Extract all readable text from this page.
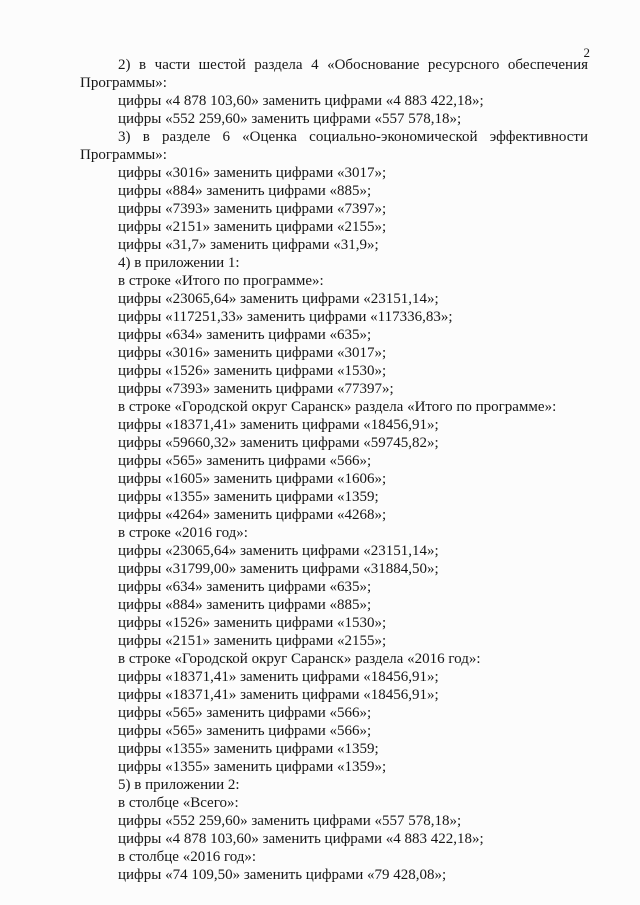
2

2) в части шестой раздела 4 «Обоснование ресурсного обеспечения

Программы»:

цифры «4 878 103,60» заменить цифрами «4 883 422,18»;

цифры «552 259,60» заменить цифрами «557 578,18»;

3) в разделе 6 «Оценка социально-экономической эффективности

Программы»:

цифры «3016» заменить цифрами «3017»;

цифры «884» заменить цифрами «885»;

цифры «7393» заменить цифрами «7397»;

цифры «2151» заменить цифрами «2155»;

цифры «31,7» заменить цифрами «31,9»;

4) в приложении 1:

в строке «Итого по программе»:

цифры «23065,64» заменить цифрами «23151,14»;

цифры «117251,33» заменить цифрами «117336,83»;

цифры «634» заменить цифрами «635»;

цифры «3016» заменить цифрами «3017»;

цифры «1526» заменить цифрами «1530»;

цифры «7393» заменить цифрами «77397»;

в строке «Городской округ Саранск» раздела «Итого по программе»:

цифры «18371,41» заменить цифрами «18456,91»;

цифры «59660,32» заменить цифрами «59745,82»;

цифры «565» заменить цифрами «566»;

цифры «1605» заменить цифрами «1606»;

цифры «1355» заменить цифрами «1359;

цифры «4264» заменить цифрами «4268»;

в строке «2016 год»:

цифры «23065,64» заменить цифрами «23151,14»;

цифры «31799,00» заменить цифрами «31884,50»;

цифры «634» заменить цифрами «635»;

цифры «884» заменить цифрами «885»;

цифры «1526» заменить цифрами «1530»;

цифры «2151» заменить цифрами «2155»;

в строке «Городской округ Саранск» раздела «2016 год»:

цифры «18371,41» заменить цифрами «18456,91»;

цифры «18371,41» заменить цифрами «18456,91»;

цифры «565» заменить цифрами «566»;

цифры «565» заменить цифрами «566»;

цифры «1355» заменить цифрами «1359;

цифры «1355» заменить цифрами «1359»;

5) в приложении 2:

в столбце «Всего»:

цифры «552 259,60» заменить цифрами «557 578,18»;

цифры «4 878 103,60» заменить цифрами «4 883 422,18»;

в столбце «2016 год»:

цифры «74 109,50» заменить цифрами «79 428,08»;
